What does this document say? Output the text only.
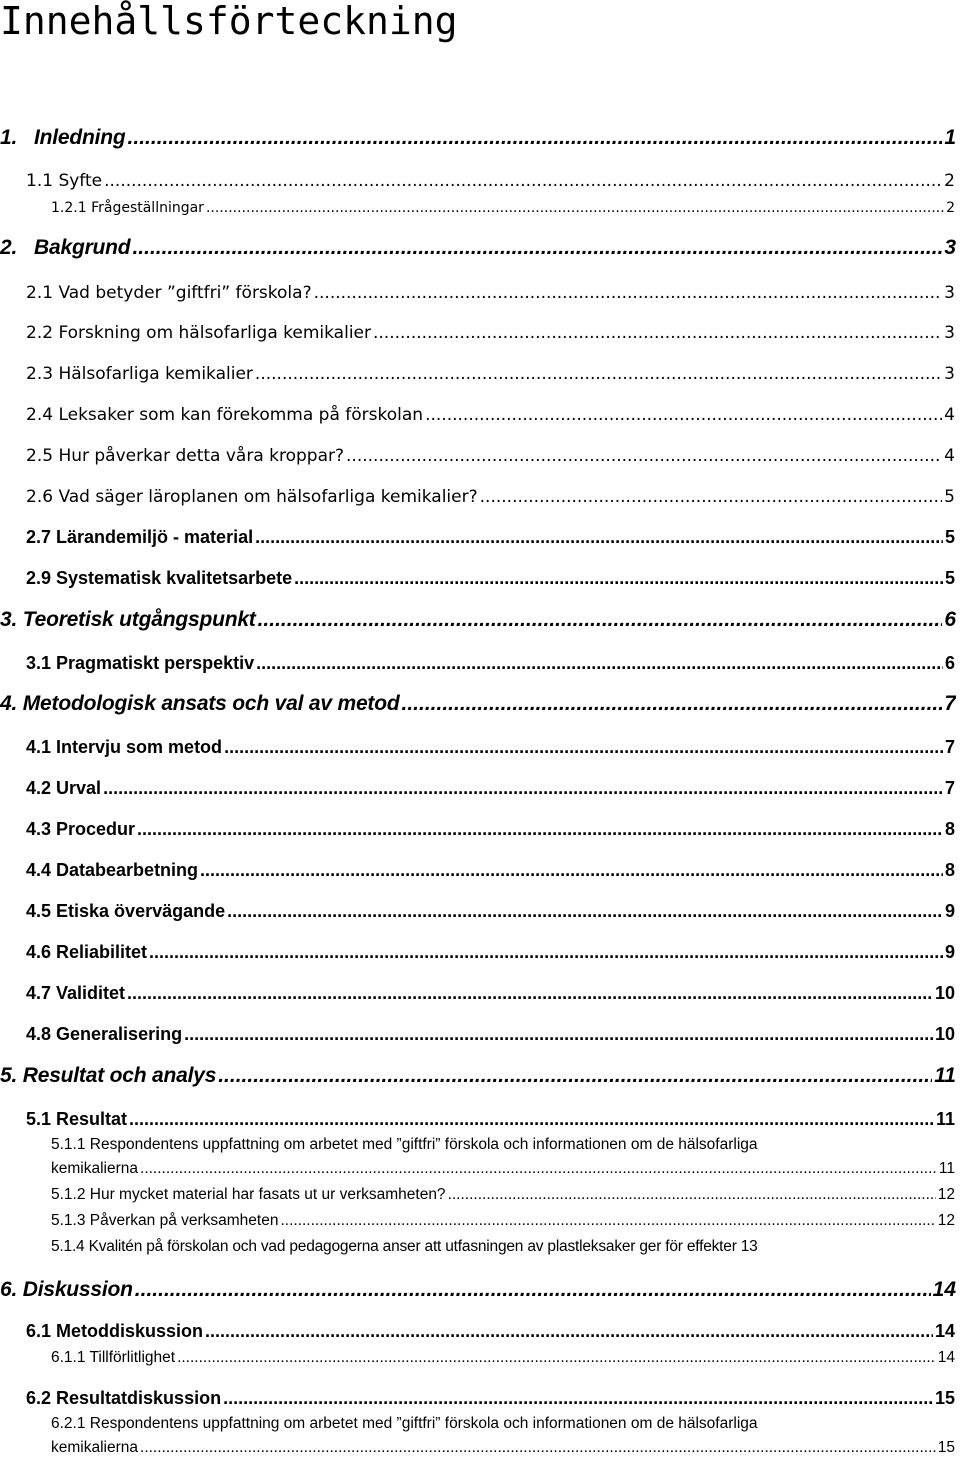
Innehållsförteckning
1.   Inledning .....	1
1.1 Syfte .....	2
1.2.1 Frågeställningar .....	2
2.   Bakgrund .....	3
2.1 Vad betyder ”giftfri” förskola? .....	3
2.2 Forskning om hälsofarliga kemikalier .....	3
2.3 Hälsofarliga kemikalier .....	3
2.4 Leksaker som kan förekomma på förskolan .....	4
2.5 Hur påverkar detta våra kroppar? .....	4
2.6 Vad säger läroplanen om hälsofarliga kemikalier? .....	5
2.7 Lärandemiljö - material .....	5
2.9 Systematisk kvalitetsarbete .....	5
3. Teoretisk utgångspunkt .....	6
3.1 Pragmatiskt perspektiv .....	6
4. Metodologisk ansats och val av metod .....	7
4.1 Intervju som metod .....	7
4.2 Urval .....	7
4.3 Procedur .....	8
4.4 Databearbetning .....	8
4.5 Etiska övervägande .....	9
4.6 Reliabilitet .....	9
4.7 Validitet .....	10
4.8 Generalisering .....	10
5. Resultat och analys .....	11
5.1 Resultat .....	11
5.1.1 Respondentens uppfattning om arbetet med ”giftfri” förskola och informationen om de hälsofarliga
kemikalierna .....	11
5.1.2 Hur mycket material har fasats ut ur verksamheten? .....	12
5.1.3 Påverkan på verksamheten .....	12
5.1.4 Kvalitén på förskolan och vad pedagogerna anser att utfasningen av plastleksaker ger för effekter 13
6. Diskussion .....	14
6.1 Metoddiskussion .....	14
6.1.1 Tillförlitlighet .....	14
6.2 Resultatdiskussion .....	15
6.2.1 Respondentens uppfattning om arbetet med ”giftfri” förskola och informationen om de hälsofarliga
kemikalierna .....	15
